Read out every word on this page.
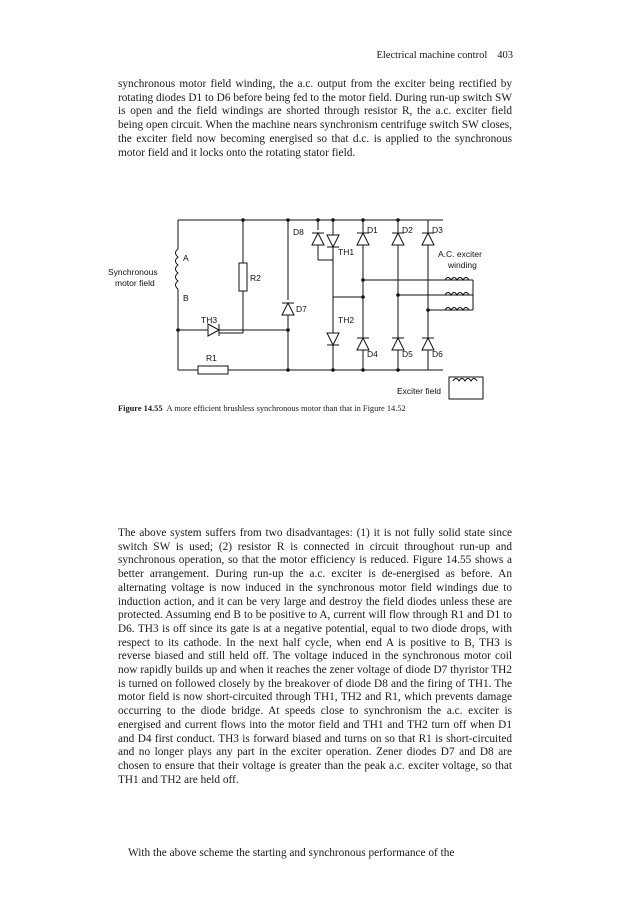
Electrical machine control 403

synchronous motor field winding, the a.c. output from the exciter being rectified by rotating diodes D1 to D6 before being fed to the motor field. During run-up switch SW is open and the field windings are shorted through resistor R, the a.c. exciter field being open circuit. When the machine nears synchronism centrifuge switch SW closes, the exciter field now becoming energised so that d.c. is applied to the synchronous motor field and it locks onto the rotating stator field.

A
B
Synchronous
motor field	R2
TH3
R1
D8
D7
TH1
TH2
D1	D2 D3
D4	D5 D6
A.C. exciter
winding
Exciter field
Figure 14.55 A more efficient brushless synchronous motor than that in Figure 14.52

The above system suffers from two disadvantages: (1) it is not fully solid state since switch SW is used; (2) resistor R is connected in circuit throughout run-up and synchronous operation, so that the motor efficiency is reduced. Figure 14.55 shows a better arrangement. During run-up the a.c. exciter is de-energised as before. An alternating voltage is now induced in the synchronous motor field windings due to induction action, and it can be very large and destroy the field diodes unless these are protected. Assuming end B to be positive to A, current will flow through R1 and D1 to D6. TH3 is off since its gate is at a negative potential, equal to two diode drops, with respect to its cathode. In the next half cycle, when end A is positive to B, TH3 is reverse biased and still held off. The voltage induced in the synchronous motor coil now rapidly builds up and when it reaches the zener voltage of diode D7 thyristor TH2 is turned on followed closely by the breakover of diode D8 and the firing of TH1. The motor field is now short-circuited through TH1, TH2 and R1, which prevents damage occurring to the diode bridge. At speeds close to synchronism the a.c. exciter is energised and current flows into the motor field and TH1 and TH2 turn off when D1 and D4 first conduct. TH3 is forward biased and turns on so that R1 is short-circuited and no longer plays any part in the exciter operation. Zener diodes D7 and D8 are chosen to ensure that their voltage is greater than the peak a.c. exciter voltage, so that TH1 and TH2 are held off.

With the above scheme the starting and synchronous performance of the
